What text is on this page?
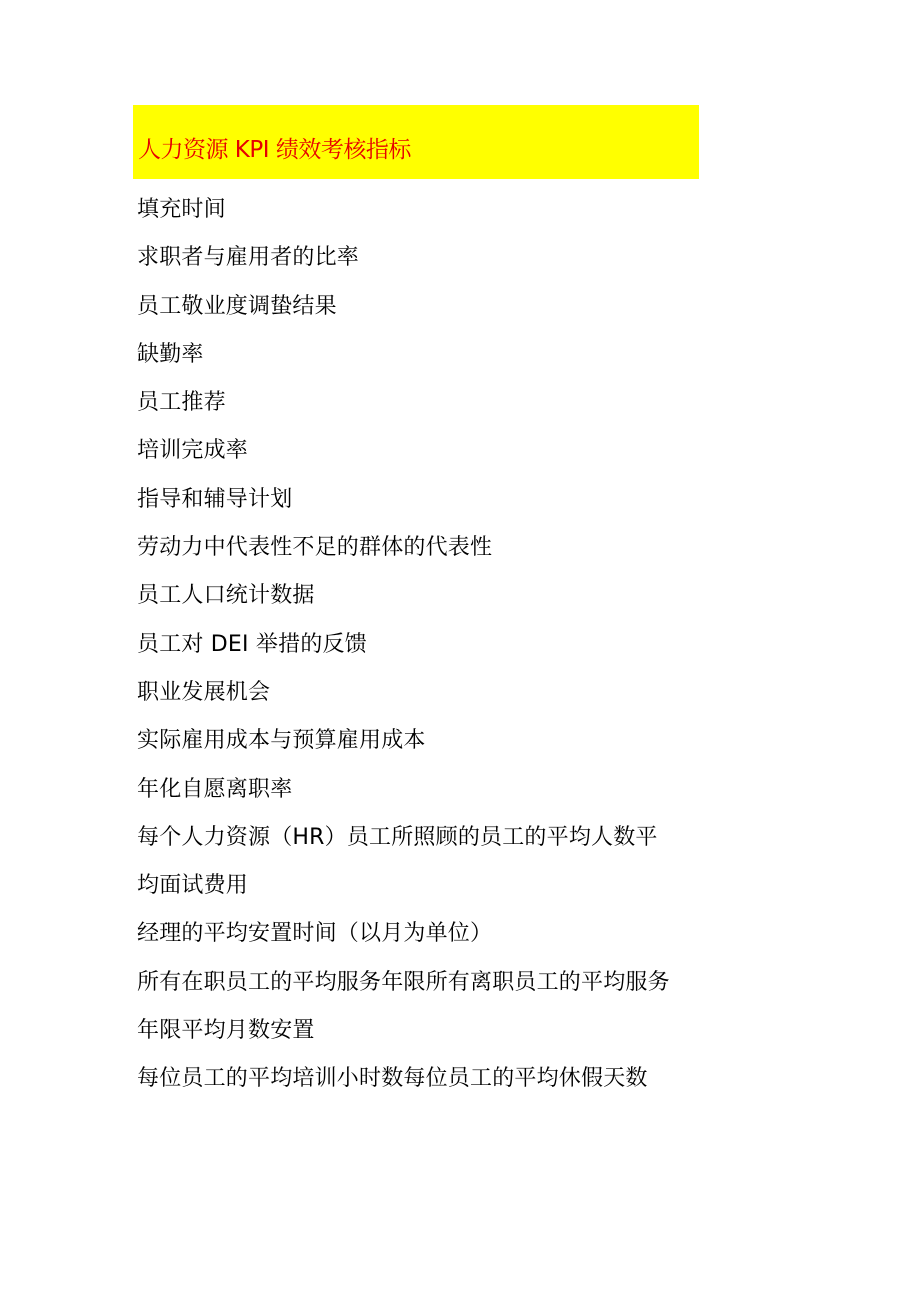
人力资源 KPI 绩效考核指标
填充时间
求职者与雇用者的比率
员工敬业度调蛰结果
缺勤率
员工推荐
培训完成率
指导和辅导计划
劳动力中代表性不足的群体的代表性
员工人口统计数据
员工对 DEI 举措的反馈
职业发展机会
实际雇用成本与预算雇用成本
年化自愿离职率
每个人力资源（HR）员工所照顾的员工的平均人数平
均面试费用
经理的平均安置时间（以月为单位）
所有在职员工的平均服务年限所有离职员工的平均服务
年限平均月数安置
每位员工的平均培训小时数每位员工的平均休假天数
